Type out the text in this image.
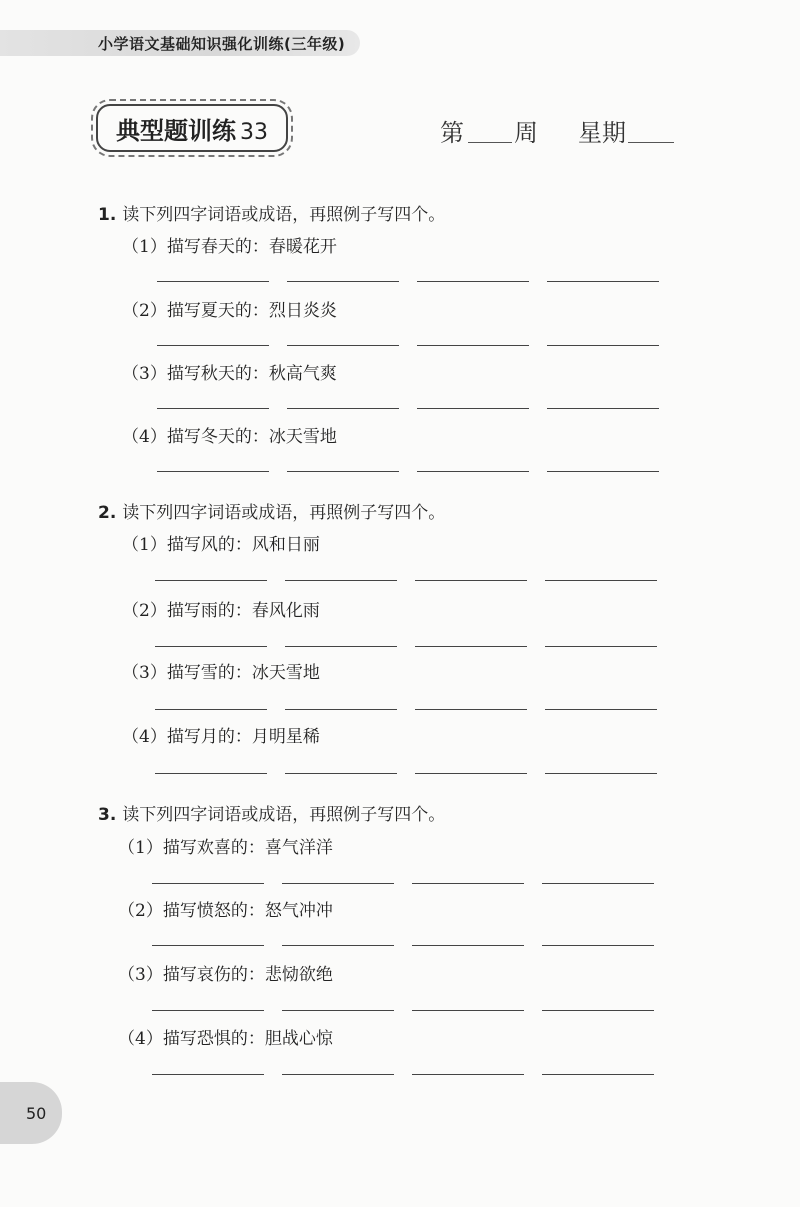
小学语文基础知识强化训练(三年级)
典型题训练 33	第 周 星期
1. 读下列四字词语或成语，再照例子写四个。
（1）描写春天的：春暖花开
（2）描写夏天的：烈日炎炎
（3）描写秋天的：秋高气爽
（4）描写冬天的：冰天雪地
2. 读下列四字词语或成语，再照例子写四个。
（1）描写风的：风和日丽
（2）描写雨的：春风化雨
（3）描写雪的：冰天雪地
（4）描写月的：月明星稀
3. 读下列四字词语或成语，再照例子写四个。
（1）描写欢喜的：喜气洋洋
（2）描写愤怒的：怒气冲冲
（3）描写哀伤的：悲恸欲绝
（4）描写恐惧的：胆战心惊
50
